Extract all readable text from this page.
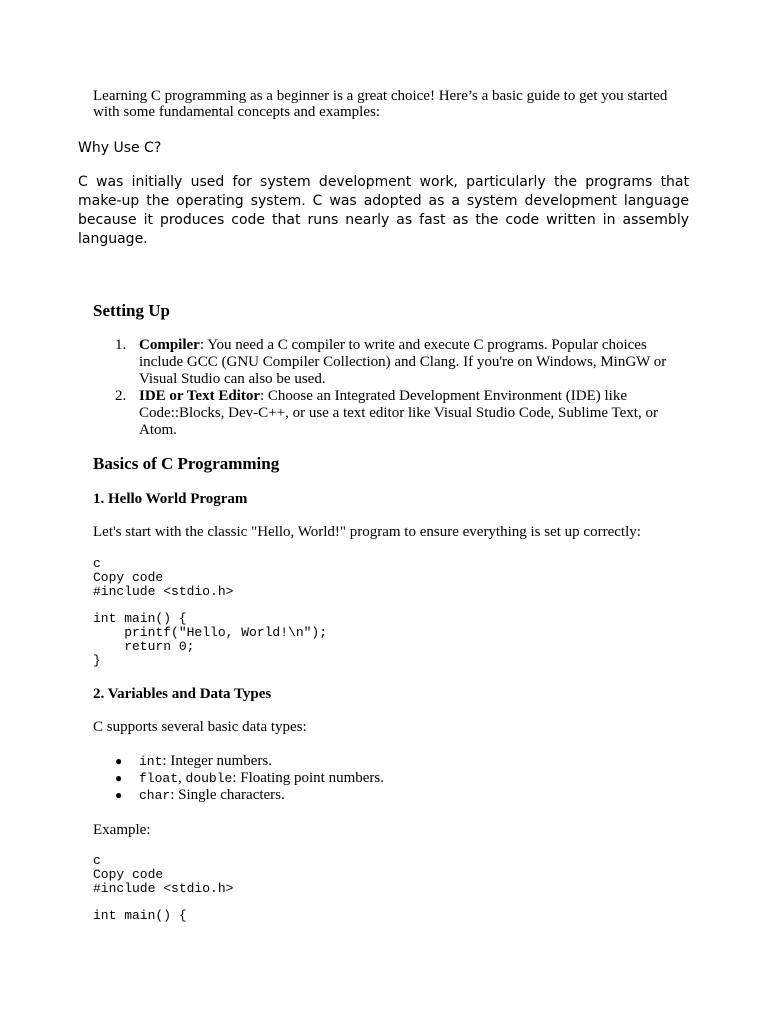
Learning C programming as a beginner is a great choice! Here’s a basic guide to get you started with some fundamental concepts and examples:

Why Use C?

C was initially used for system development work, particularly the programs that make-up the operating system. C was adopted as a system development language because it produces code that runs nearly as fast as the code written in assembly language.

Setting Up
1. Compiler: You need a C compiler to write and execute C programs. Popular choices include GCC (GNU Compiler Collection) and Clang. If you're on Windows, MinGW or Visual Studio can also be used.
2. IDE or Text Editor: Choose an Integrated Development Environment (IDE) like Code::Blocks, Dev-C++, or use a text editor like Visual Studio Code, Sublime Text, or Atom.
Basics of C Programming
1. Hello World Program

Let's start with the classic "Hello, World!" program to ensure everything is set up correctly:

c
Copy code
#include <stdio.h>

int main() {
printf("Hello, World!\n");
return 0;
}
2. Variables and Data Types

C supports several basic data types:

● int: Integer numbers.
● float, double: Floating point numbers.
● char: Single characters.

Example:

c
Copy code
#include <stdio.h>

int main() {
